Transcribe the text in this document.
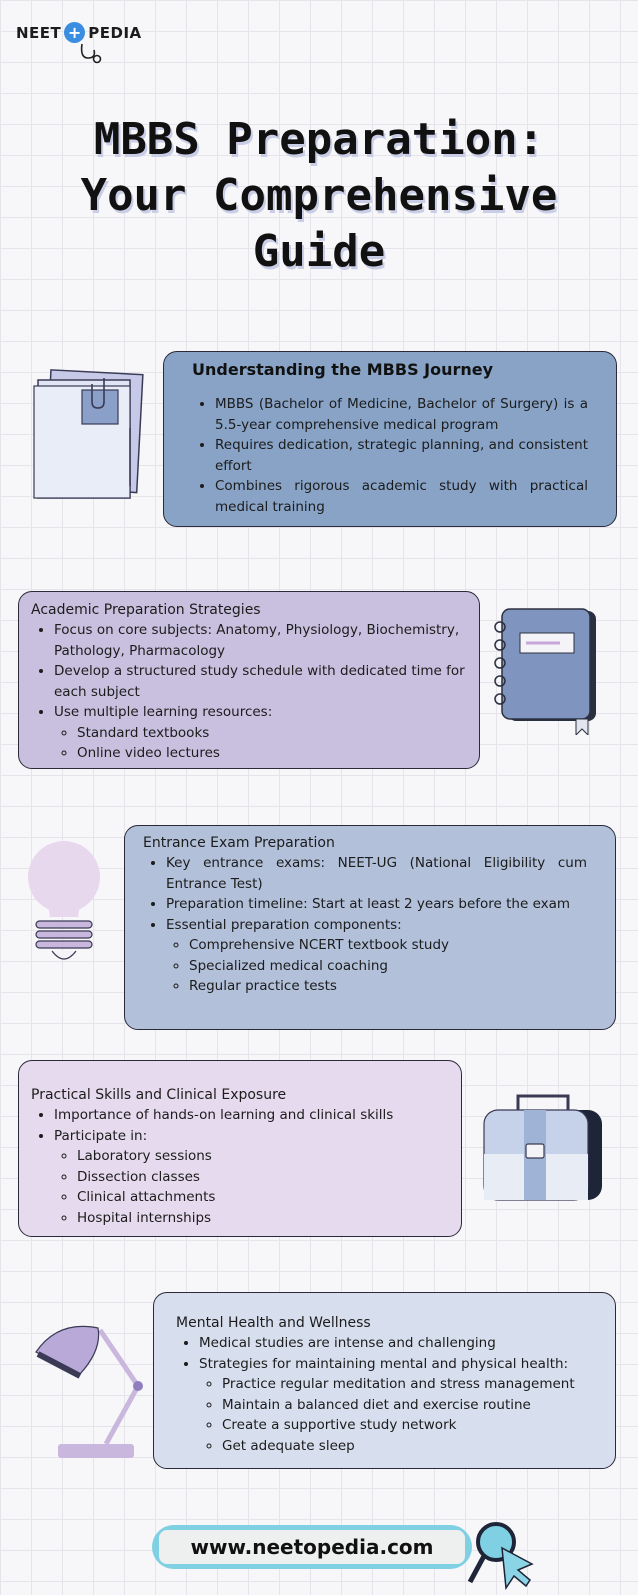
NEET + PEDIA
MBBS Preparation:
Your Comprehensive
Guide
Understanding the MBBS Journey
• MBBS (Bachelor of Medicine, Bachelor of Surgery) is a 5.5-year comprehensive medical program
• Requires dedication, strategic planning, and consistent effort
• Combines rigorous academic study with practical medical training
Academic Preparation Strategies
• Focus on core subjects: Anatomy, Physiology, Biochemistry, Pathology, Pharmacology
• Develop a structured study schedule with dedicated time for each subject
• Use multiple learning resources:
◦ Standard textbooks
◦ Online video lectures
Entrance Exam Preparation
• Key entrance exams: NEET-UG (National Eligibility cum Entrance Test)
• Preparation timeline: Start at least 2 years before the exam
• Essential preparation components:
◦ Comprehensive NCERT textbook study
◦ Specialized medical coaching
◦ Regular practice tests
Practical Skills and Clinical Exposure
• Importance of hands-on learning and clinical skills
• Participate in:
◦ Laboratory sessions
◦ Dissection classes
◦ Clinical attachments
◦ Hospital internships
Mental Health and Wellness
• Medical studies are intense and challenging
• Strategies for maintaining mental and physical health:
◦ Practice regular meditation and stress management
◦ Maintain a balanced diet and exercise routine
◦ Create a supportive study network
◦ Get adequate sleep
www.neetopedia.com
